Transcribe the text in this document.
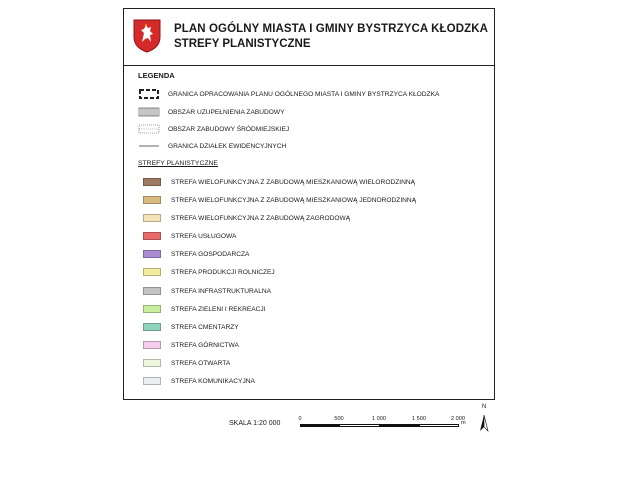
PLAN OGÓLNY MIASTA I GMINY BYSTRZYCA KŁODZKA
STREFY PLANISTYCZNE
LEGENDA
GRANICA OPRACOWANIA PLANU OGÓLNEGO MIASTA I GMINY BYSTRZYCA KŁODZKA
OBSZAR UZUPEŁNIENIA ZABUDOWY
OBSZAR ZABUDOWY ŚRÓDMIEJSKIEJ
GRANICA DZIAŁEK EWIDENCYJNYCH
STREFY PLANISTYCZNE
STREFA WIELOFUNKCYJNA Z ZABUDOWĄ MIESZKANIOWĄ WIELORODZINNĄ
STREFA WIELOFUNKCYJNA Z ZABUDOWĄ MIESZKANIOWĄ JEDNORODZINNĄ
STREFA WIELOFUNKCYJNA Z ZABUDOWĄ ZAGRODOWĄ
STREFA USŁUGOWA
STREFA GOSPODARCZA
STREFA PRODUKCJI ROLNICZEJ
STREFA INFRASTRUKTURALNA
STREFA ZIELENI I REKREACJI
STREFA CMENTARZY
STREFA GÓRNICTWA
STREFA OTWARTA
STREFA KOMUNIKACYJNA
SKALA 1:20 000
0	500	1 000	1 500	2 000
m
N
